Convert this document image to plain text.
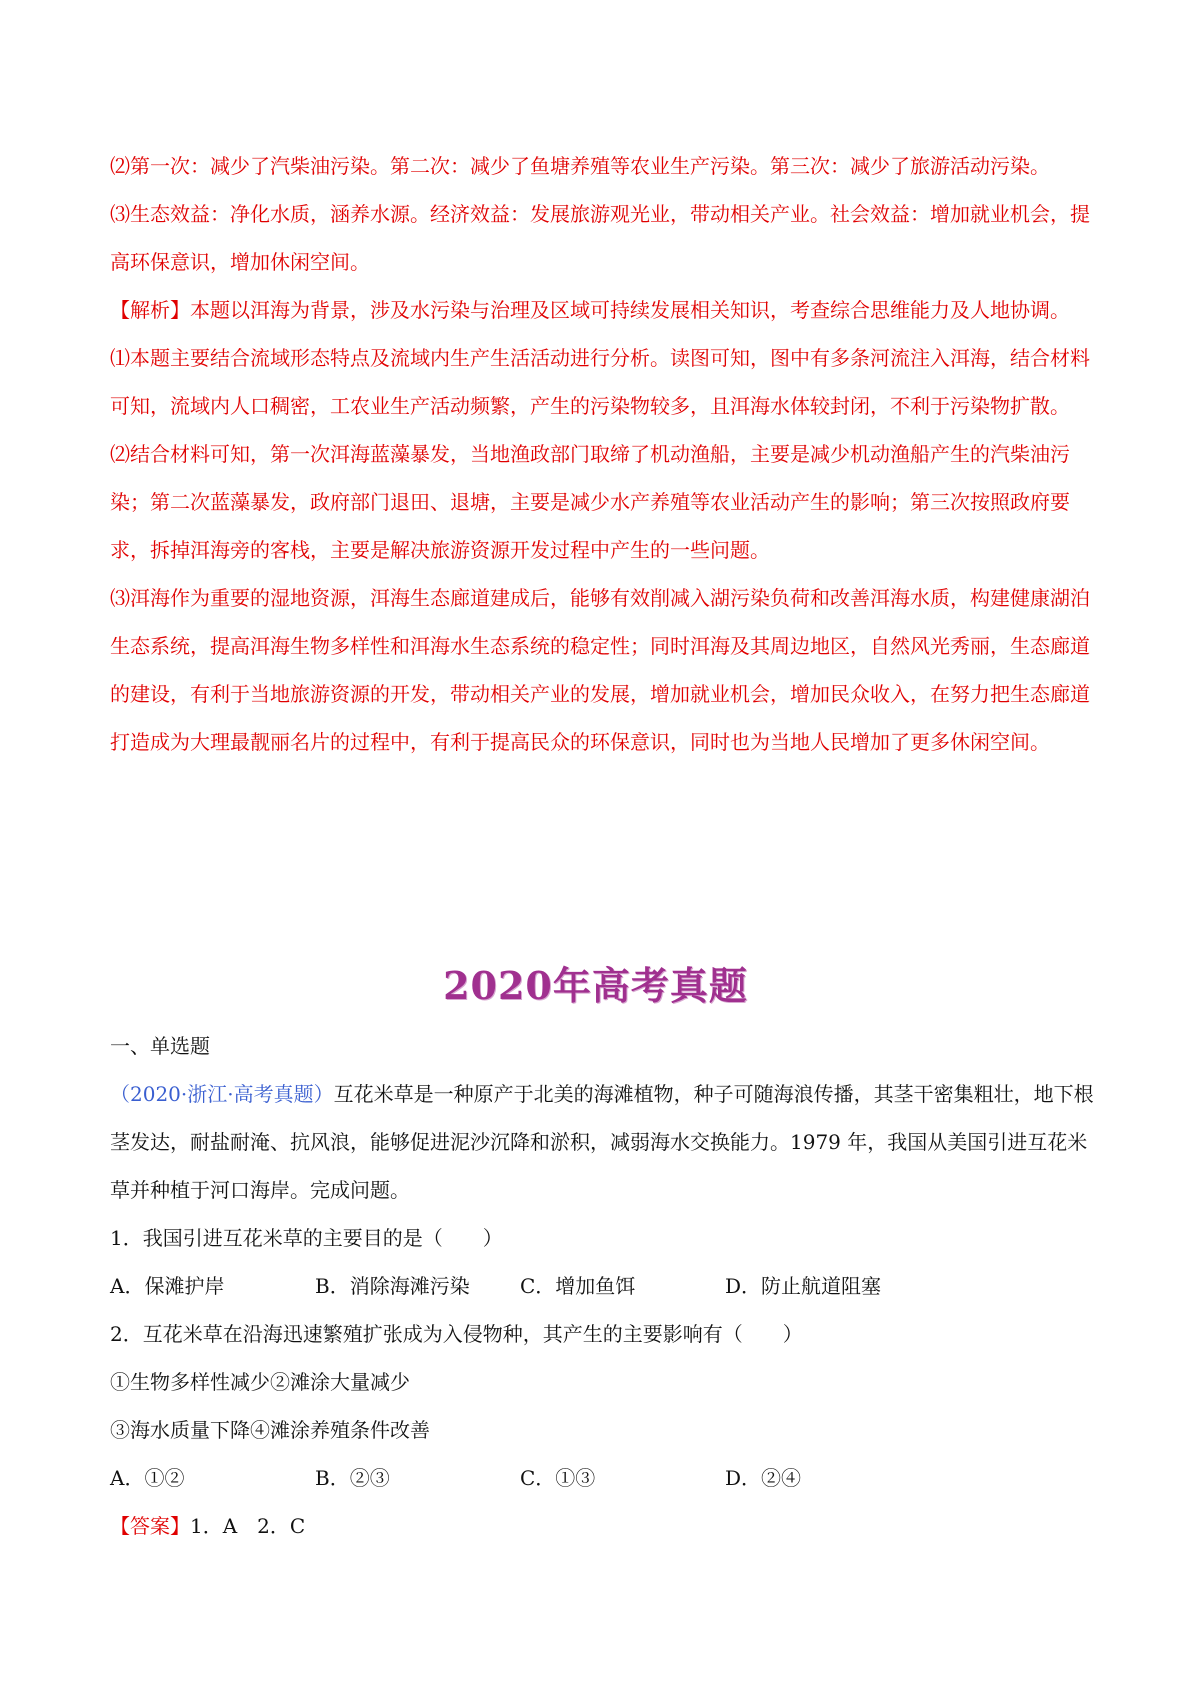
⑵第一次：减少了汽柴油污染。第二次：减少了鱼塘养殖等农业生产污染。第三次：减少了旅游活动污染。

⑶生态效益：净化水质，涵养水源。经济效益：发展旅游观光业，带动相关产业。社会效益：增加就业机会，提高环保意识，增加休闲空间。

【解析】本题以洱海为背景，涉及水污染与治理及区域可持续发展相关知识，考查综合思维能力及人地协调。

⑴本题主要结合流域形态特点及流域内生产生活活动进行分析。读图可知，图中有多条河流注入洱海，结合材料可知，流域内人口稠密，工农业生产活动频繁，产生的污染物较多，且洱海水体较封闭，不利于污染物扩散。

⑵结合材料可知，第一次洱海蓝藻暴发，当地渔政部门取缔了机动渔船，主要是减少机动渔船产生的汽柴油污染；第二次蓝藻暴发，政府部门退田、退塘，主要是减少水产养殖等农业活动产生的影响；第三次按照政府要求，拆掉洱海旁的客栈，主要是解决旅游资源开发过程中产生的一些问题。

⑶洱海作为重要的湿地资源，洱海生态廊道建成后，能够有效削减入湖污染负荷和改善洱海水质，构建健康湖泊生态系统，提高洱海生物多样性和洱海水生态系统的稳定性；同时洱海及其周边地区，自然风光秀丽，生态廊道的建设，有利于当地旅游资源的开发，带动相关产业的发展，增加就业机会，增加民众收入，在努力把生态廊道打造成为大理最靓丽名片的过程中，有利于提高民众的环保意识，同时也为当地人民增加了更多休闲空间。

2020年高考真题

一、单选题

（2020·浙江·高考真题）互花米草是一种原产于北美的海滩植物，种子可随海浪传播，其茎干密集粗壮，地下根茎发达，耐盐耐淹、抗风浪，能够促进泥沙沉降和淤积，减弱海水交换能力。1979 年，我国从美国引进互花米草并种植于河口海岸。完成问题。

1．我国引进互花米草的主要目的是（　　）

A．保滩护岸	B．消除海滩污染	C．增加鱼饵	D．防止航道阻塞

2．互花米草在沿海迅速繁殖扩张成为入侵物种，其产生的主要影响有（　　）

①生物多样性减少②滩涂大量减少

③海水质量下降④滩涂养殖条件改善

A．①②	B．②③	C．①③	D．②④

【答案】1．A　2．C
